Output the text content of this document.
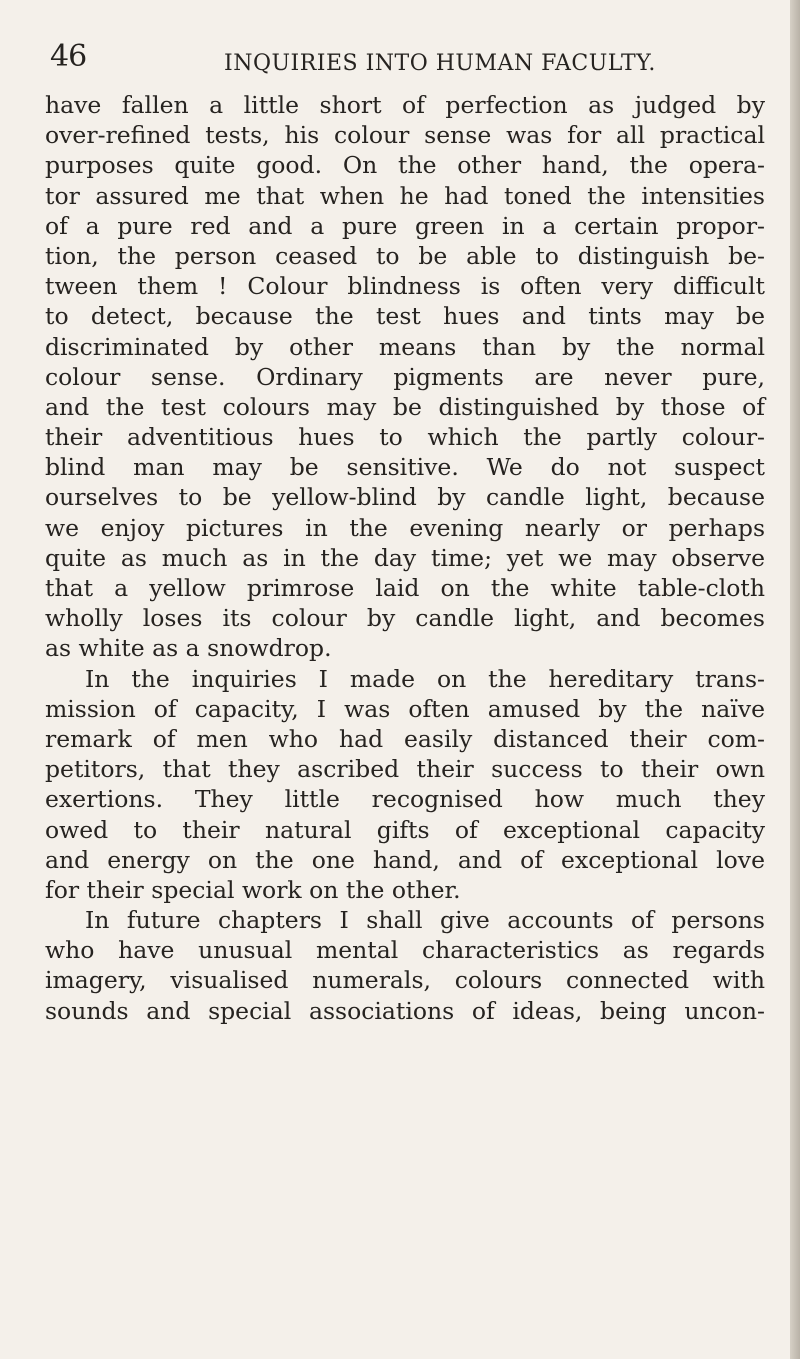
46	INQUIRIES INTO HUMAN FACULTY.
have fallen a little short of perfection as judged by
over-refined tests, his colour sense was for all practical
purposes quite good. On the other hand, the opera-
tor assured me that when he had toned the intensities
of a pure red and a pure green in a certain propor-
tion, the person ceased to be able to distinguish be-
tween them ! Colour blindness is often very difficult
to detect, because the test hues and tints may be
discriminated by other means than by the normal
colour sense. Ordinary pigments are never pure,
and the test colours may be distinguished by those of
their adventitious hues to which the partly colour-
blind man may be sensitive. We do not suspect
ourselves to be yellow-blind by candle light, because
we enjoy pictures in the evening nearly or perhaps
quite as much as in the day time; yet we may observe
that a yellow primrose laid on the white table-cloth
wholly loses its colour by candle light, and becomes
as white as a snowdrop.
In the inquiries I made on the hereditary trans-
mission of capacity, I was often amused by the naïve
remark of men who had easily distanced their com-
petitors, that they ascribed their success to their own
exertions. They little recognised how much they
owed to their natural gifts of exceptional capacity
and energy on the one hand, and of exceptional love
for their special work on the other.
In future chapters I shall give accounts of persons
who have unusual mental characteristics as regards
imagery, visualised numerals, colours connected with
sounds and special associations of ideas, being uncon-
